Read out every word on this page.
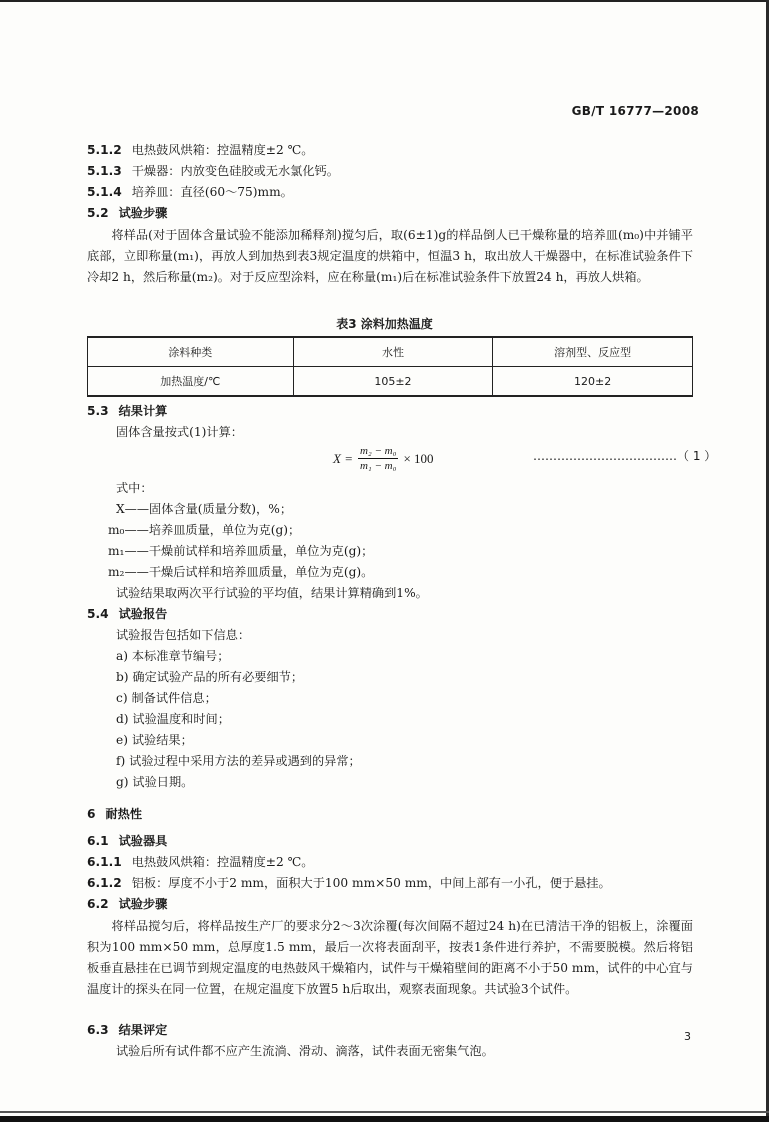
GB/T 16777—2008
5.1.2 电热鼓风烘箱：控温精度±2 ℃。
5.1.3 干燥器：内放变色硅胶或无水氯化钙。
5.1.4 培养皿：直径(60～75)mm。
5.2 试验步骤
将样品(对于固体含量试验不能添加稀释剂)搅匀后，取(6±1)g的样品倒人已干燥称量的培养皿(m₀)中并铺平底部，立即称量(m₁)，再放人到加热到表3规定温度的烘箱中，恒温3 h，取出放人干燥器中，在标准试验条件下冷却2 h，然后称量(m₂)。对于反应型涂料，应在称量(m₁)后在标准试验条件下放置24 h，再放人烘箱。
表3 涂料加热温度
涂料种类	水性	溶剂型、反应型
加热温度/℃	105±2	120±2
5.3 结果计算
固体含量按式(1)计算：
$X = \frac{\text{m₂ − m₀}}{\text{m₁ − m₀}} \times 100$	………………………………（ 1 ）
式中：
X——固体含量(质量分数)，%；
m₀——培养皿质量，单位为克(g)；
m₁——干燥前试样和培养皿质量，单位为克(g)；
m₂——干燥后试样和培养皿质量，单位为克(g)。
试验结果取两次平行试验的平均值，结果计算精确到1%。
5.4 试验报告
试验报告包括如下信息：
a) 本标准章节编号；
b) 确定试验产品的所有必要细节；
c) 制备试件信息；
d) 试验温度和时间；
e) 试验结果；
f) 试验过程中采用方法的差异或遇到的异常；
g) 试验日期。
6 耐热性
6.1 试验器具
6.1.1 电热鼓风烘箱：控温精度±2 ℃。
6.1.2 铝板：厚度不小于2 mm，面积大于100 mm×50 mm，中间上部有一小孔，便于悬挂。
6.2 试验步骤
将样品搅匀后，将样品按生产厂的要求分2～3次涂覆(每次间隔不超过24 h)在已清洁干净的铝板上，涂覆面积为100 mm×50 mm，总厚度1.5 mm，最后一次将表面刮平，按表1条件进行养护，不需要脱模。然后将铝板垂直悬挂在已调节到规定温度的电热鼓风干燥箱内，试件与干燥箱壁间的距离不小于50 mm，试件的中心宜与温度计的探头在同一位置，在规定温度下放置5 h后取出，观察表面现象。共试验3个试件。
6.3 结果评定
试验后所有试件都不应产生流淌、滑动、滴落，试件表面无密集气泡。
3
